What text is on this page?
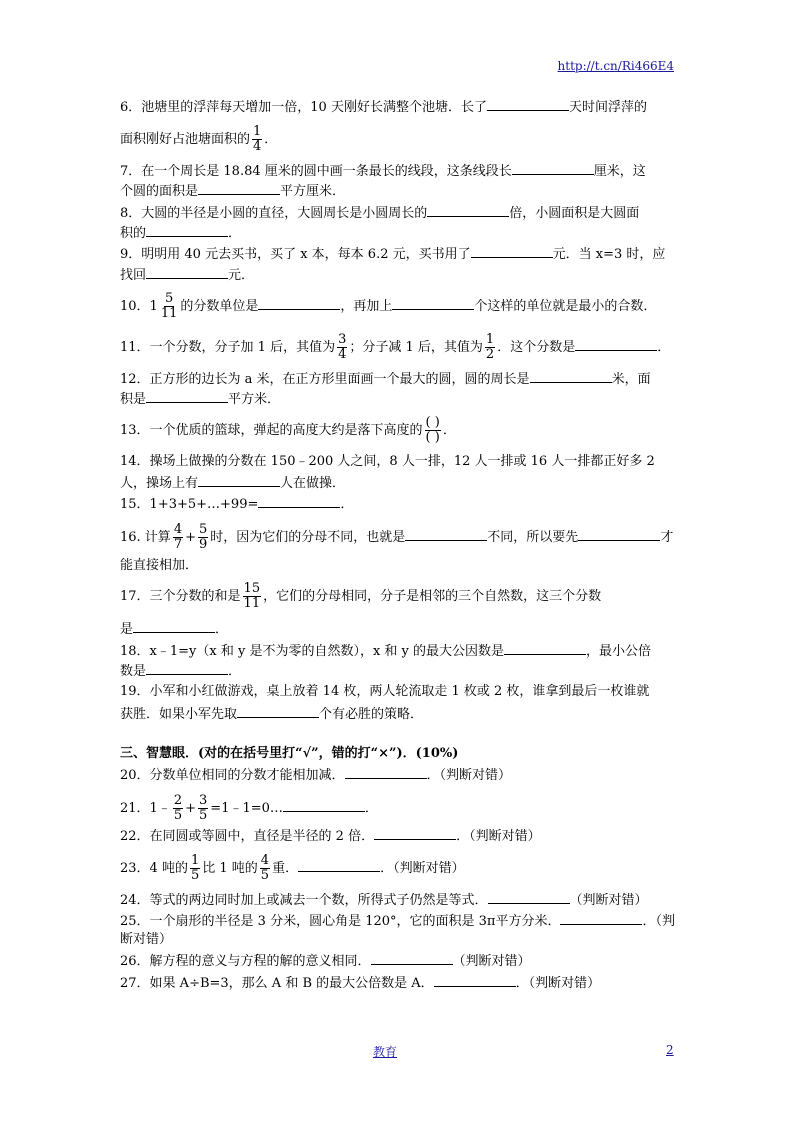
http://t.cn/Ri466E4
6．池塘里的浮萍每天增加一倍，10 天刚好长满整个池塘．长了	天时间浮萍的
面积刚好占池塘面积的 $\frac{1}{4}$ ．
7．在一个周长是 18.84 厘米的圆中画一条最长的线段，这条线段长	厘米，这
个圆的面积是	平方厘米．
8．大圆的半径是小圆的直径，大圆周长是小圆周长的	倍，小圆面积是大圆面
积的	．
9．明明用 40 元去买书，买了 x 本，每本 6.2 元，买书用了	元．当 x=3 时，应
找回	元．
10． $1 \frac{5}{11}$ 的分数单位是	，再加上	个这样的单位就是最小的合数．
11．一个分数，分子加 1 后，其值为 $\frac{3}{4}$ ；分子减 1 后，其值为 $\frac{1}{2}$ ．这个分数是	．
12．正方形的边长为 a 米，在正方形里面画一个最大的圆，圆的周长是	米，面
积是	平方米．
13．一个优质的篮球，弹起的高度大约是落下高度的 $\frac{( )}{( )}$ ．
14．操场上做操的分数在 150﹣200 人之间，8 人一排，12 人一排或 16 人一排都正好多 2
人，操场上有	人在做操．
15．1+3+5+…+99=	．
16. 计算 $\frac{4}{7} + \frac{5}{9}$ 时，因为它们的分母不同，也就是	不同，所以要先	才
能直接相加．
17．三个分数的和是 $\frac{15}{11}$ ，它们的分母相同，分子是相邻的三个自然数，这三个分数
是	．
18．x﹣1=y（x 和 y 是不为零的自然数），x 和 y 的最大公因数是	，最小公倍
数是	．
19．小军和小红做游戏，桌上放着 14 枚，两人轮流取走 1 枚或 2 枚，谁拿到最后一枚谁就
获胜．如果小军先取	个有必胜的策略．
三、智慧眼．(对的在括号里打“√”，错的打“×”)．(10%)
20．分数单位相同的分数才能相加减．	．（判断对错）
21．1﹣ $\frac{2}{5} + \frac{3}{5}$ =1﹣1=0…	．
22．在同圆或等圆中，直径是半径的 2 倍．	．（判断对错）
23．4 吨的 $\frac{1}{5}$ 比 1 吨的 $\frac{4}{5}$ 重．	．（判断对错）
24．等式的两边同时加上或减去一个数，所得式子仍然是等式．	（判断对错）
25．一个扇形的半径是 3 分米，圆心角是 120°，它的面积是 3π平方分米．	．（判
断对错）
26．解方程的意义与方程的解的意义相同．	（判断对错）
27．如果 A÷B=3，那么 A 和 B 的最大公倍数是 A．	．（判断对错）
教育	2
